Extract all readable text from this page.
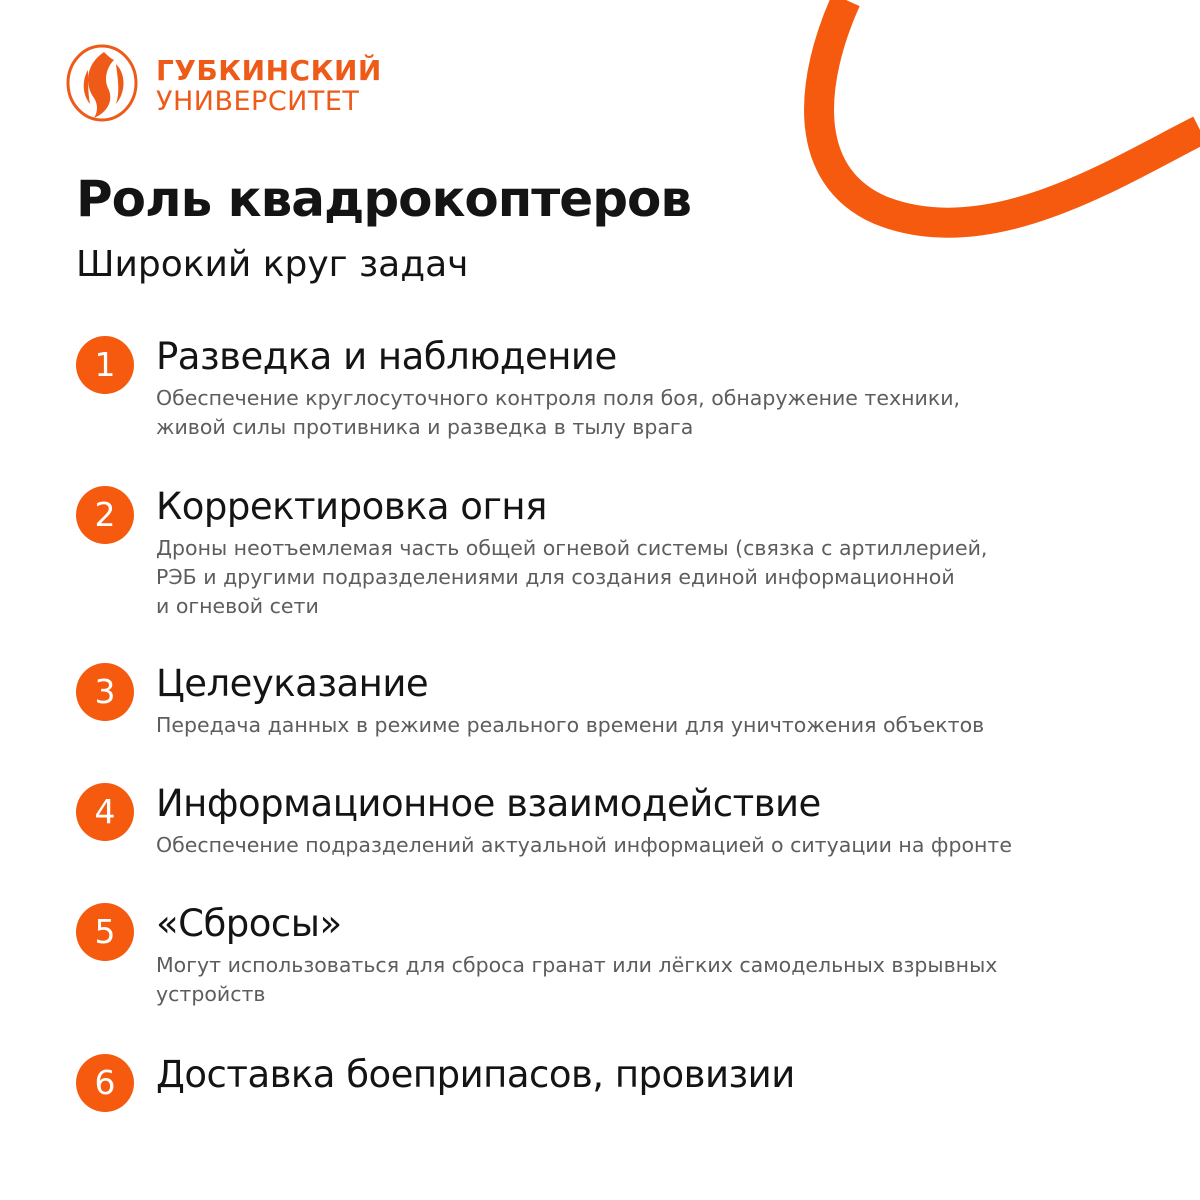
ГУБКИНСКИЙ
УНИВЕРСИТЕТ
Роль квадрокоптеров
Широкий круг задач
1	Разведка и наблюдение
Обеспечение круглосуточного контроля поля боя, обнаружение техники,
живой силы противника и разведка в тылу врага
2	Корректировка огня
Дроны неотъемлемая часть общей огневой системы (связка с артиллерией,
РЭБ и другими подразделениями для создания единой информационной
и огневой сети
3	Целеуказание
Передача данных в режиме реального времени для уничтожения объектов
4	Информационное взаимодействие
Обеспечение подразделений актуальной информацией о ситуации на фронте
5	«Сбросы»
Могут использоваться для сброса гранат или лёгких самодельных взрывных
устройств
6	Доставка боеприпасов, провизии
